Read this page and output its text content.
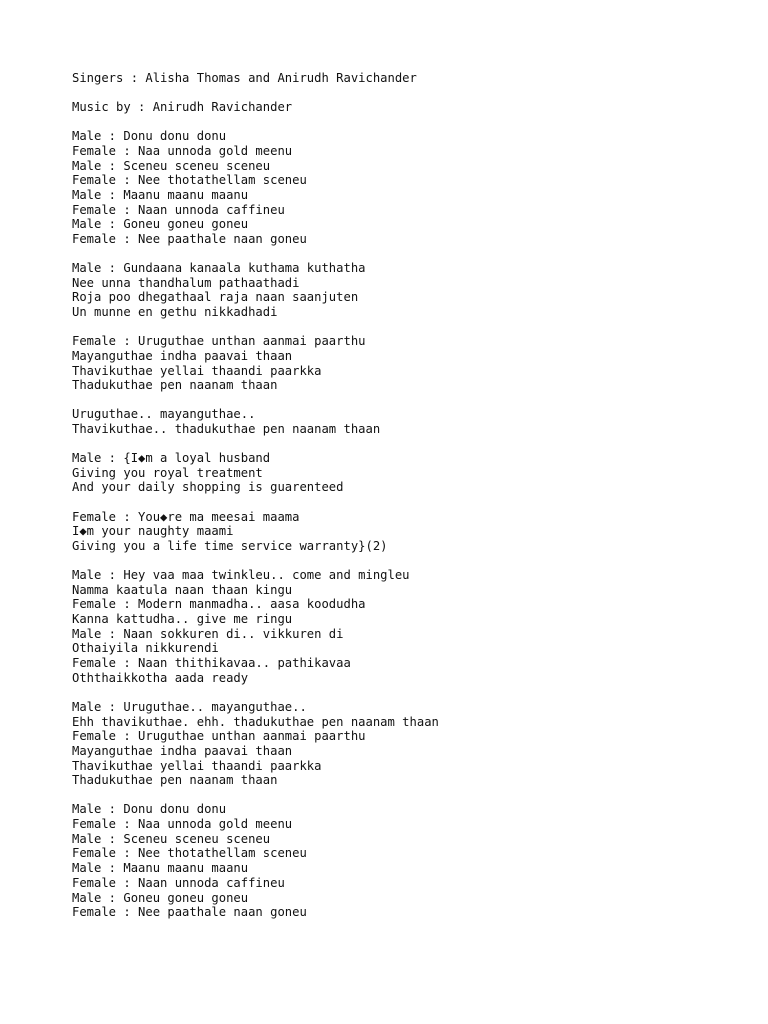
Singers : Alisha Thomas and Anirudh Ravichander
Music by : Anirudh Ravichander
Male : Donu donu donu
Female : Naa unnoda gold meenu
Male : Sceneu sceneu sceneu
Female : Nee thotathellam sceneu
Male : Maanu maanu maanu
Female : Naan unnoda caffineu
Male : Goneu goneu goneu
Female : Nee paathale naan goneu
Male : Gundaana kanaala kuthama kuthatha
Nee unna thandhalum pathaathadi
Roja poo dhegathaal raja naan saanjuten
Un munne en gethu nikkadhadi
Female : Uruguthae unthan aanmai paarthu
Mayanguthae indha paavai thaan
Thavikuthae yellai thaandi paarkka
Thadukuthae pen naanam thaan
Uruguthae.. mayanguthae..
Thavikuthae.. thadukuthae pen naanam thaan
Male : {I◆m a loyal husband
Giving you royal treatment
And your daily shopping is guarenteed
Female : You◆re ma meesai maama
I◆m your naughty maami
Giving you a life time service warranty}(2)
Male : Hey vaa maa twinkleu.. come and mingleu
Namma kaatula naan thaan kingu
Female : Modern manmadha.. aasa koodudha
Kanna kattudha.. give me ringu
Male : Naan sokkuren di.. vikkuren di
Othaiyila nikkurendi
Female : Naan thithikavaa.. pathikavaa
Oththaikkotha aada ready
Male : Uruguthae.. mayanguthae..
Ehh thavikuthae. ehh. thadukuthae pen naanam thaan
Female : Uruguthae unthan aanmai paarthu
Mayanguthae indha paavai thaan
Thavikuthae yellai thaandi paarkka
Thadukuthae pen naanam thaan
Male : Donu donu donu
Female : Naa unnoda gold meenu
Male : Sceneu sceneu sceneu
Female : Nee thotathellam sceneu
Male : Maanu maanu maanu
Female : Naan unnoda caffineu
Male : Goneu goneu goneu
Female : Nee paathale naan goneu
